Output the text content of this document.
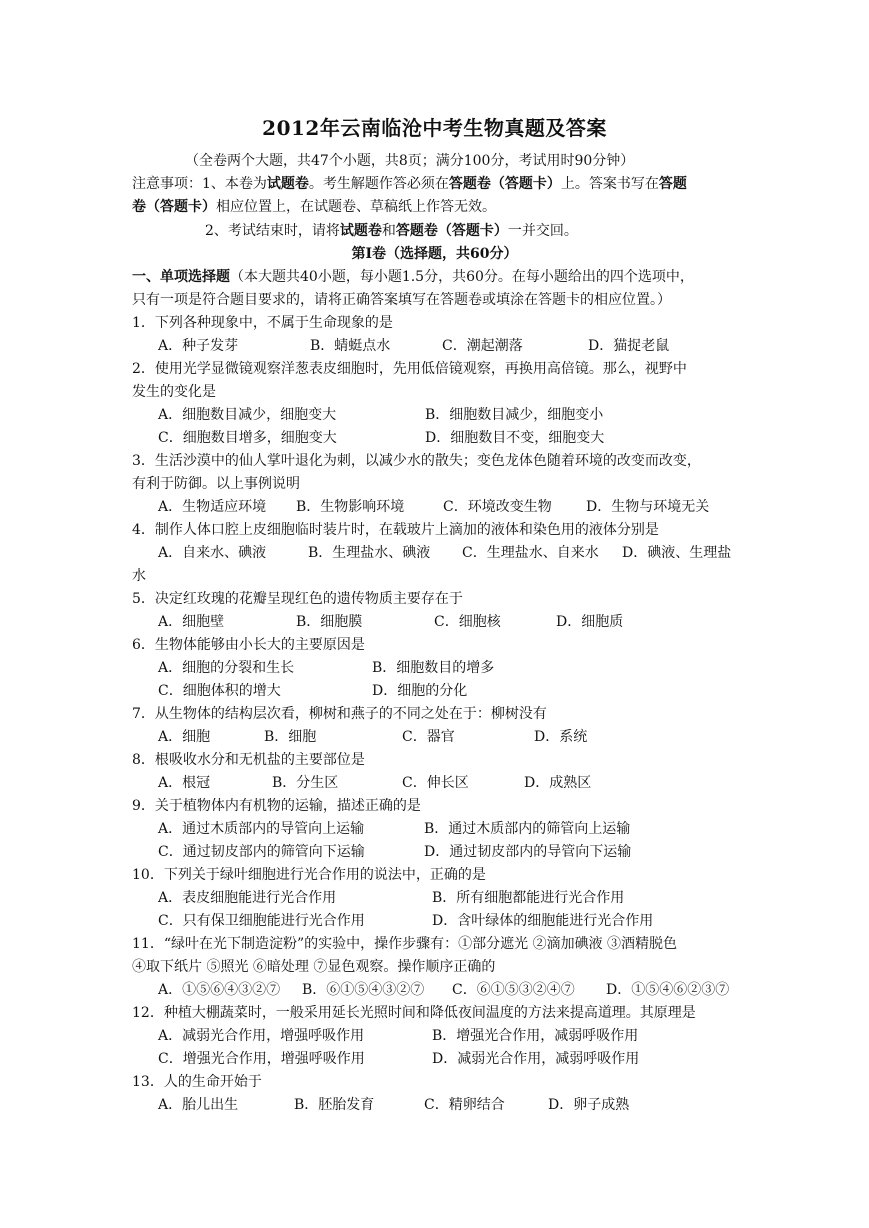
2012年云南临沧中考生物真题及答案
（全卷两个大题，共47个小题，共8页；满分100分，考试用时90分钟）
注意事项：1、本卷为试题卷。考生解题作答必须在答题卷（答题卡）上。答案书写在答题
卷（答题卡）相应位置上，在试题卷、草稿纸上作答无效。
2、考试结束时，请将试题卷和答题卷（答题卡）一并交回。
第Ⅰ卷（选择题，共60分）
一、单项选择题（本大题共40小题，每小题1.5分，共60分。在每小题给出的四个选项中，
只有一项是符合题目要求的，请将正确答案填写在答题卷或填涂在答题卡的相应位置。）
1．下列各种现象中，不属于生命现象的是
A．种子发芽	B．蜻蜓点水	C．潮起潮落	D．猫捉老鼠
2．使用光学显微镜观察洋葱表皮细胞时，先用低倍镜观察，再换用高倍镜。那么，视野中
发生的变化是
A．细胞数目减少，细胞变大	B．细胞数目减少，细胞变小
C．细胞数目增多，细胞变大	D．细胞数目不变，细胞变大
3．生活沙漠中的仙人掌叶退化为刺，以减少水的散失；变色龙体色随着环境的改变而改变，
有利于防御。以上事例说明
A．生物适应环境 B．生物影响环境	C．环境改变生物 D．生物与环境无关
4．制作人体口腔上皮细胞临时装片时，在载玻片上滴加的液体和染色用的液体分别是
A．自来水、碘液	B．生理盐水、碘液 C．生理盐水、自来水 D．碘液、生理盐
水
5．决定红玫瑰的花瓣呈现红色的遗传物质主要存在于
A．细胞壁	B．细胞膜	C．细胞核	D．细胞质
6．生物体能够由小长大的主要原因是
A．细胞的分裂和生长	B．细胞数目的增多
C．细胞体积的增大	D．细胞的分化
7．从生物体的结构层次看，柳树和燕子的不同之处在于：柳树没有
A．细胞	B．细胞	C．器官	D．系统
8．根吸收水分和无机盐的主要部位是
A．根冠	B．分生区	C．伸长区	D．成熟区
9．关于植物体内有机物的运输，描述正确的是
A．通过木质部内的导管向上运输	B．通过木质部内的筛管向上运输
C．通过韧皮部内的筛管向下运输	D．通过韧皮部内的导管向下运输
10．下列关于绿叶细胞进行光合作用的说法中，正确的是
A．表皮细胞能进行光合作用	B．所有细胞都能进行光合作用
C．只有保卫细胞能进行光合作用	D．含叶绿体的细胞能进行光合作用
11．“绿叶在光下制造淀粉”的实验中，操作步骤有：①部分遮光 ②滴加碘液 ③酒精脱色
④取下纸片 ⑤照光 ⑥暗处理 ⑦显色观察。操作顺序正确的
A．①⑤⑥④③②⑦ B．⑥①⑤④③②⑦ C．⑥①⑤③②④⑦ D．①⑤④⑥②③⑦
12．种植大棚蔬菜时，一般采用延长光照时间和降低夜间温度的方法来提高道理。其原理是
A．减弱光合作用，增强呼吸作用	B．增强光合作用，减弱呼吸作用
C．增强光合作用，增强呼吸作用	D．减弱光合作用，减弱呼吸作用
13．人的生命开始于
A．胎儿出生	B．胚胎发育	C．精卵结合	D．卵子成熟
